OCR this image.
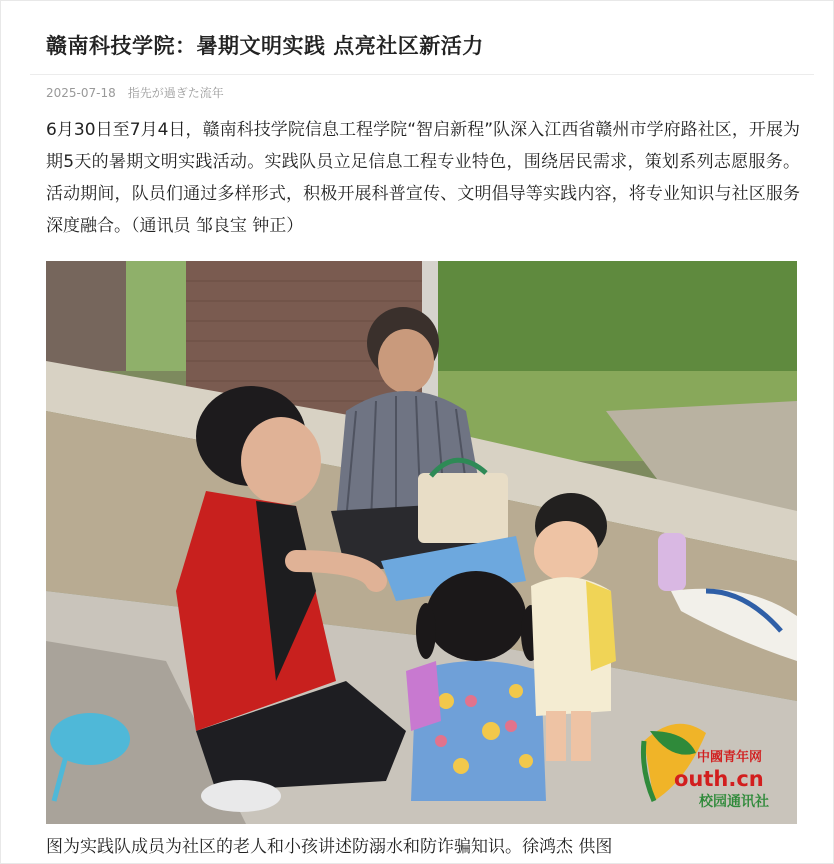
赣南科技学院：暑期文明实践 点亮社区新活力
2025-07-18 指先が過ぎた流年

6月30日至7月4日，赣南科技学院信息工程学院“智启新程”队深入江西省赣州市学府路社区，开展为期5天的暑期文明实践活动。实践队员立足信息工程专业特色，围绕居民需求，策划系列志愿服务。活动期间，队员们通过多样形式，积极开展科普宣传、文明倡导等实践内容，将专业知识与社区服务深度融合。（通讯员 邹良宝 钟正）

中國青年网
outh.cn
校园通讯社
图为实践队成员为社区的老人和小孩讲述防溺水和防诈骗知识。徐鸿杰 供图
